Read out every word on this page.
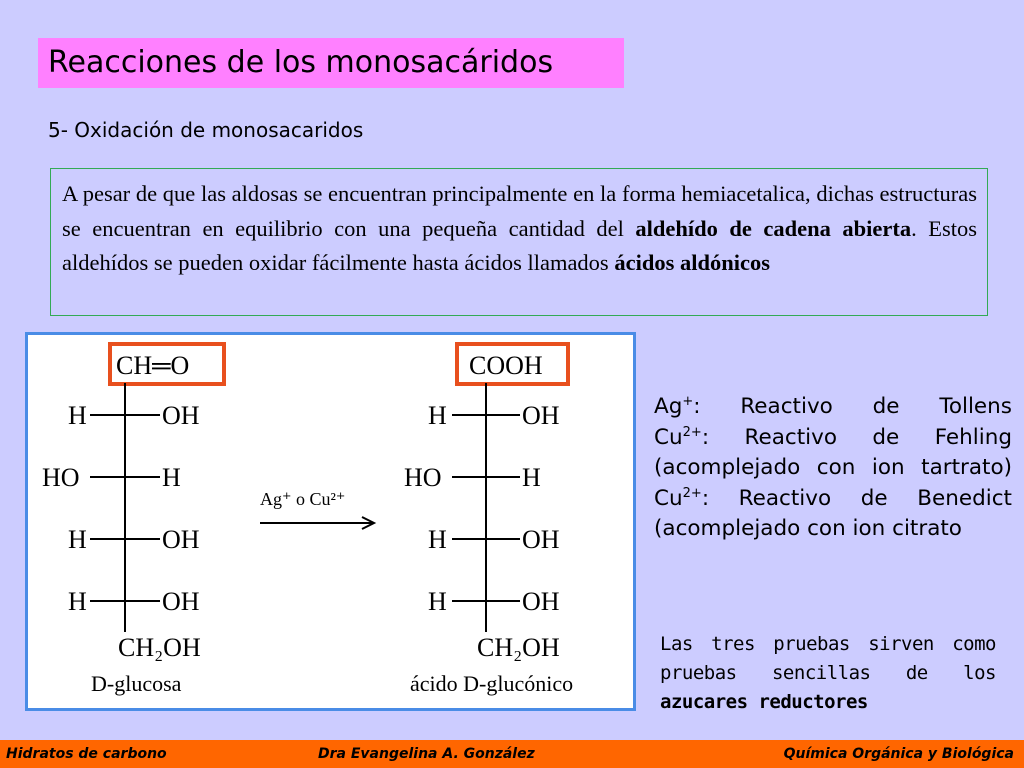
Reacciones de los monosacáridos
5- Oxidación de monosacaridos
A pesar de que las aldosas se encuentran principalmente en la forma hemiacetalica, dichas estructuras se encuentran en equilibrio con una pequeña cantidad del aldehído de cadena abierta. Estos aldehídos se pueden oxidar fácilmente hasta ácidos llamados ácidos aldónicos
CH═O
H	OH
HO	H
H	OH
H	OH
CH₂OH
D-glucosa
Ag⁺ o Cu²⁺
COOH
H	OH
HO	H
H	OH
H	OH
CH₂OH
ácido D-glucónico

Ag+: Reactivo de Tollens

$Cu^{2+}$: Reactivo de Fehling (acomplejado con ion tartrato)

$Cu^{2+}$: Reactivo de Benedict (acomplejado con ion citrato

Las tres pruebas sirven como pruebas sencillas de los azucares reductores

Hidratos de carbono	Dra Evangelina A. González	Química Orgánica y Biológica
